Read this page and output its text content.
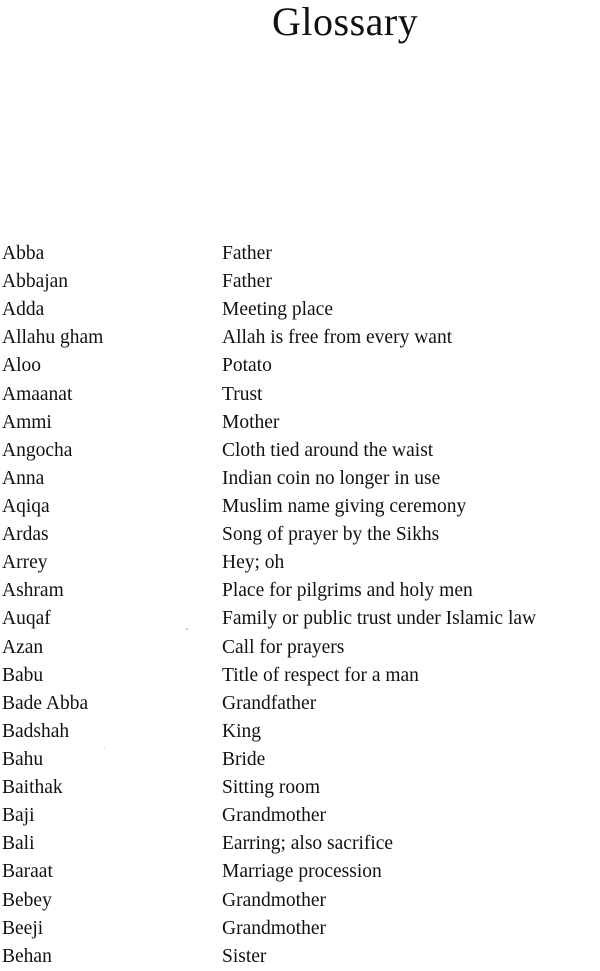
Glossary
Abba	Father
Abbajan	Father
Adda	Meeting place
Allahu gham	Allah is free from every want
Aloo	Potato
Amaanat	Trust
Ammi	Mother
Angocha	Cloth tied around the waist
Anna	Indian coin no longer in use
Aqiqa	Muslim name giving ceremony
Ardas	Song of prayer by the Sikhs
Arrey	Hey; oh
Ashram	Place for pilgrims and holy men
Auqaf	Family or public trust under Islamic law
Azan	Call for prayers
Babu	Title of respect for a man
Bade Abba	Grandfather
Badshah	King
Bahu	Bride
Baithak	Sitting room
Baji	Grandmother
Bali	Earring; also sacrifice
Baraat	Marriage procession
Bebey	Grandmother
Beeji	Grandmother
Behan	Sister
